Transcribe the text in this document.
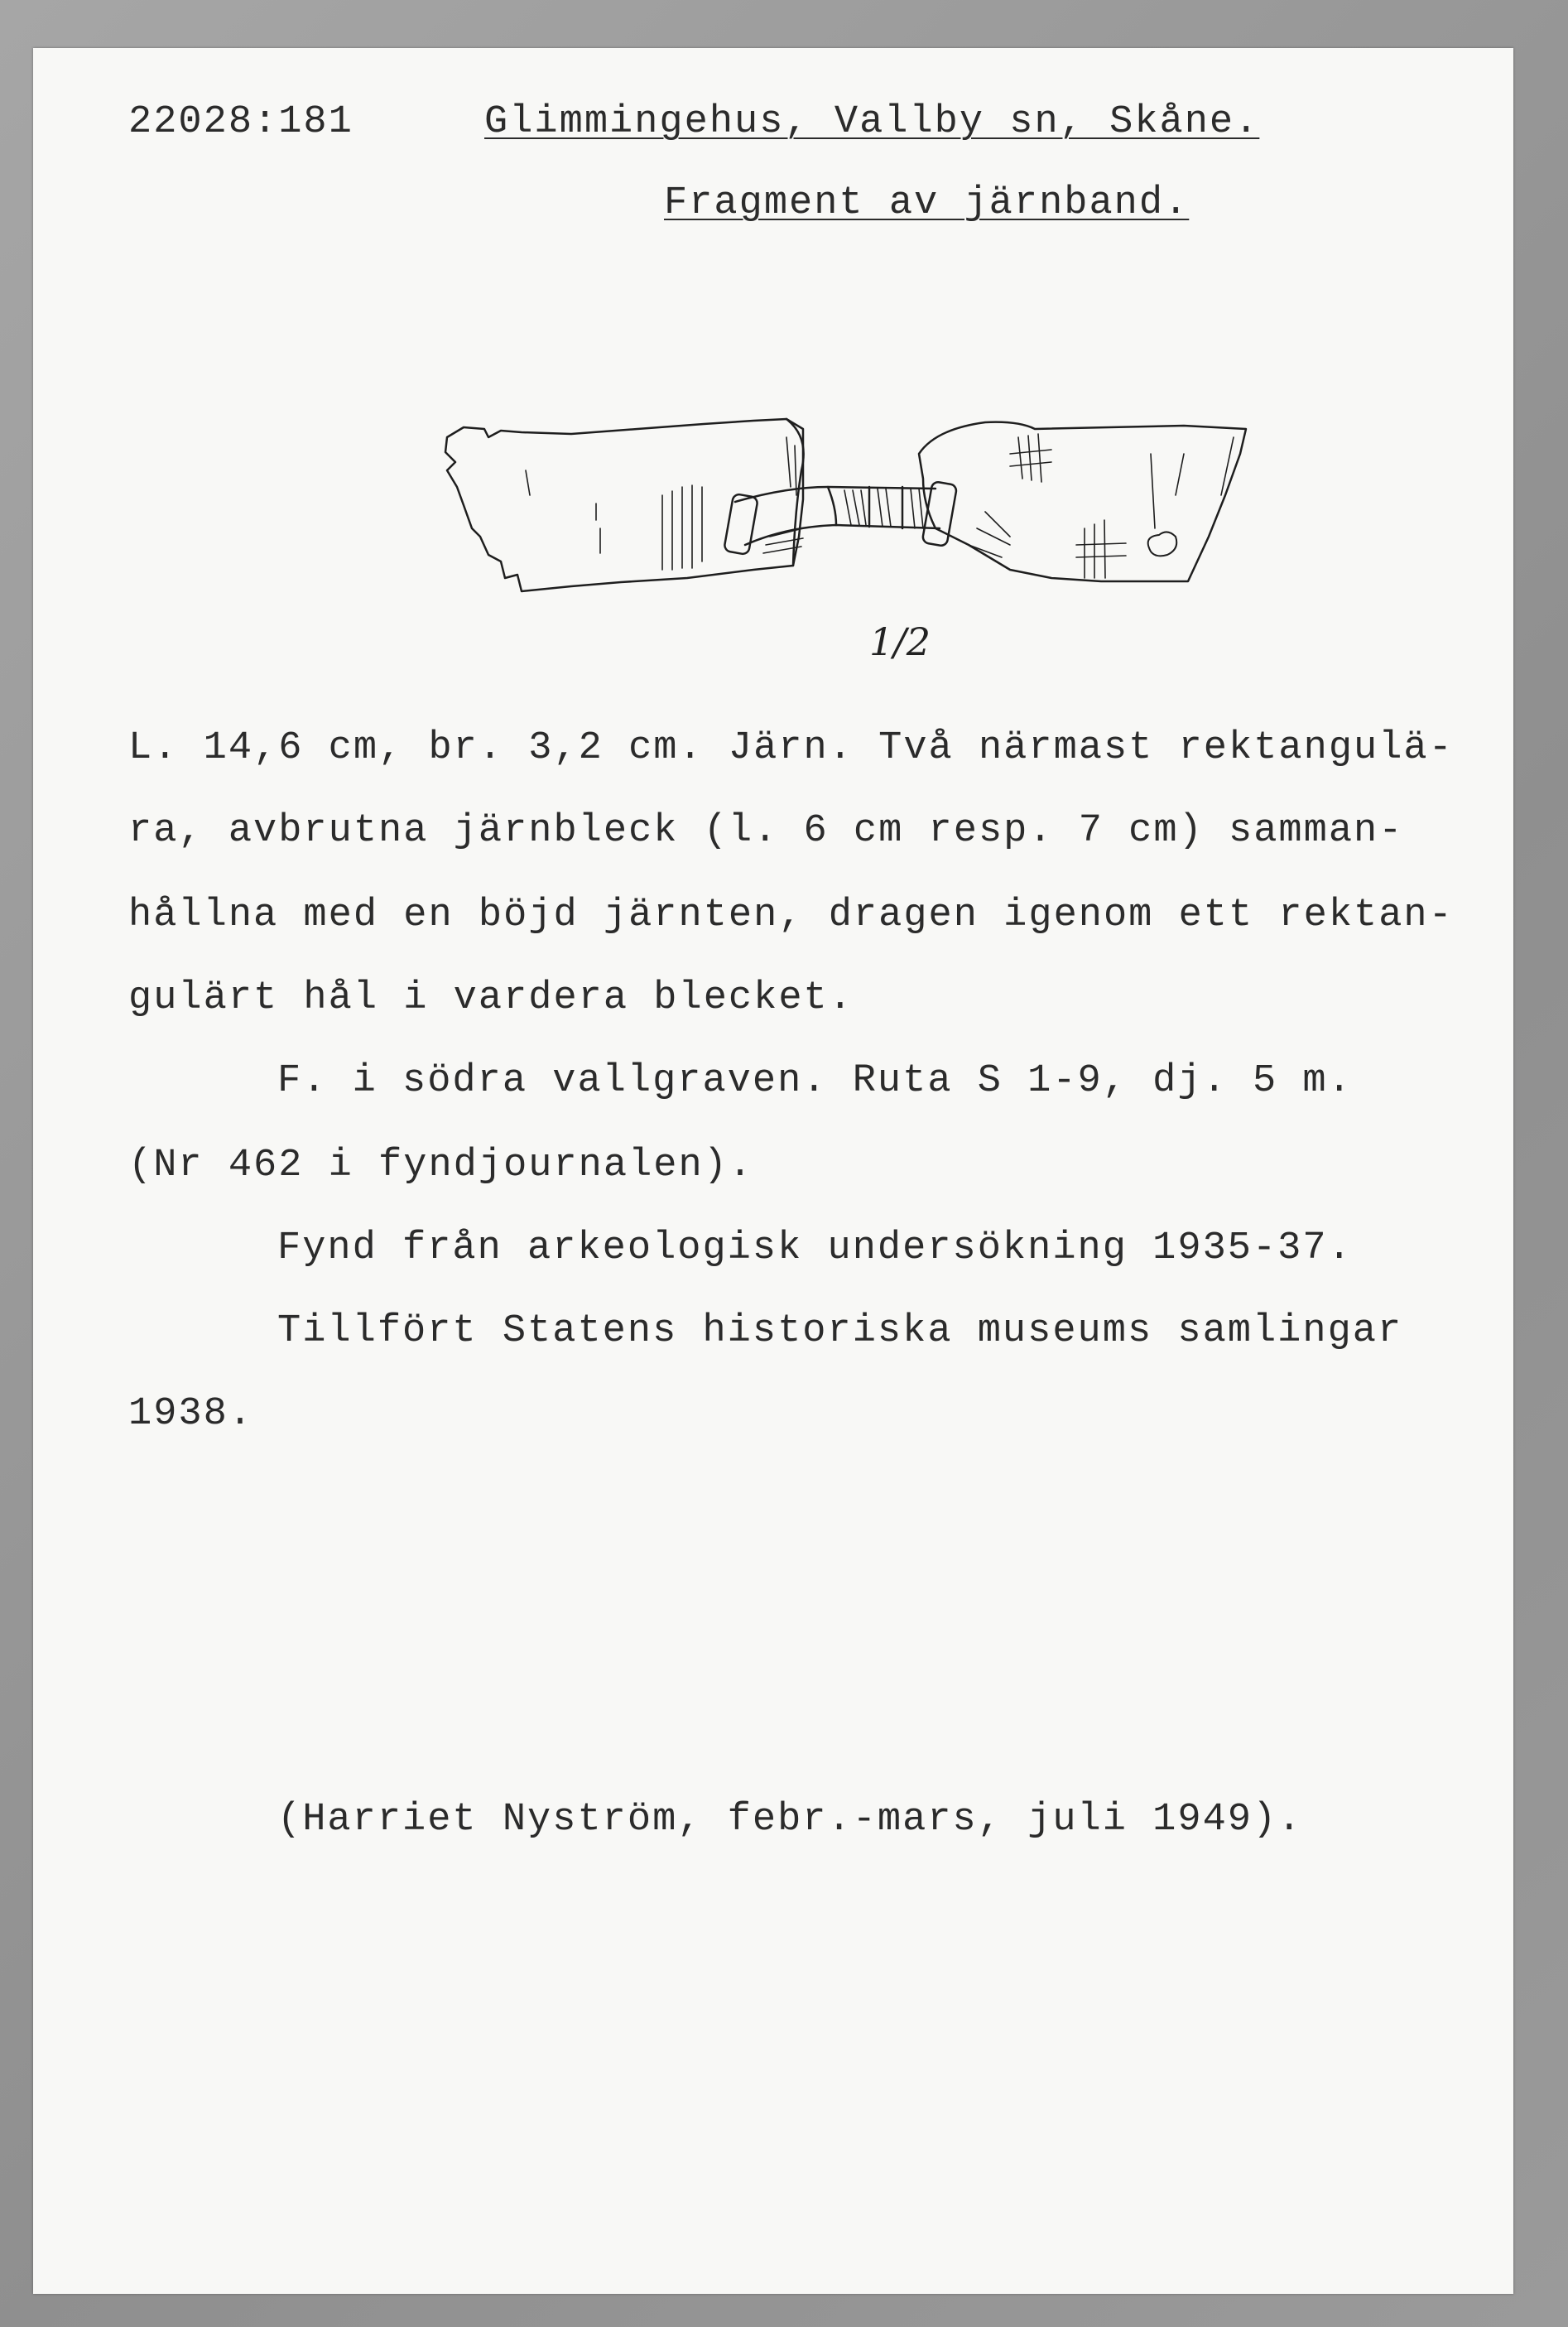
22028:181	Glimmingehus, Vallby sn, Skåne.
Fragment av järnband.
1/2
L. 14,6 cm, br. 3,2 cm. Järn. Två närmast rektangulä-
ra, avbrutna järnbleck (l. 6 cm resp. 7 cm) samman-
hållna med en böjd järnten, dragen igenom ett rektan-
gulärt hål i vardera blecket.
F. i södra vallgraven. Ruta S 1-9, dj. 5 m.
(Nr 462 i fyndjournalen).
Fynd från arkeologisk undersökning 1935-37.
Tillfört Statens historiska museums samlingar
1938.
(Harriet Nyström, febr.-mars, juli 1949).
